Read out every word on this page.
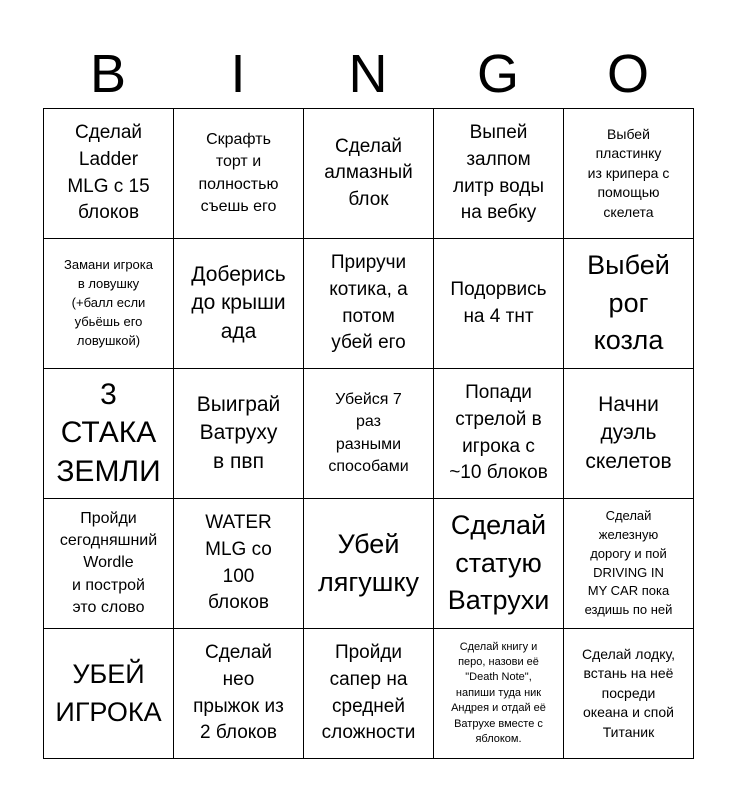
B	I	N	G	O
Сделай
Ladder
MLG с 15
блоков
Скрафть
торт и
полностью
съешь его
Сделай
алмазный
блок
Выпей
залпом
литр воды
на вебку
Выбей
пластинку
из крипера с
помощью
скелета
Замани игрока
в ловушку
(+балл если
убьёшь его
ловушкой)
Доберись
до крыши
ада
Приручи
котика, а
потом
убей его
Подорвись
на 4 тнт
Выбей
рог
козла
3
СТАКА
ЗЕМЛИ
Выиграй
Ватруху
в пвп
Убейся 7
раз
разными
способами
Попади
стрелой в
игрока с
~10 блоков
Начни
дуэль
скелетов
Пройди
сегодняшний
Wordle
и построй
это слово
WATER
MLG со
100
блоков
Убей
лягушку
Сделай
статую
Ватрухи
Сделай
железную
дорогу и пой
DRIVING IN
MY CAR пока
ездишь по ней
УБЕЙ
ИГРОКА
Сделай
нео
прыжок из
2 блоков
Пройди
сапер на
средней
сложности
Сделай книгу и
перо, назови её
"Death Note",
напиши туда ник
Андрея и отдай её
Ватрухе вместе с
яблоком.
Сделай лодку,
встань на неё
посреди
океана и спой
Титаник
